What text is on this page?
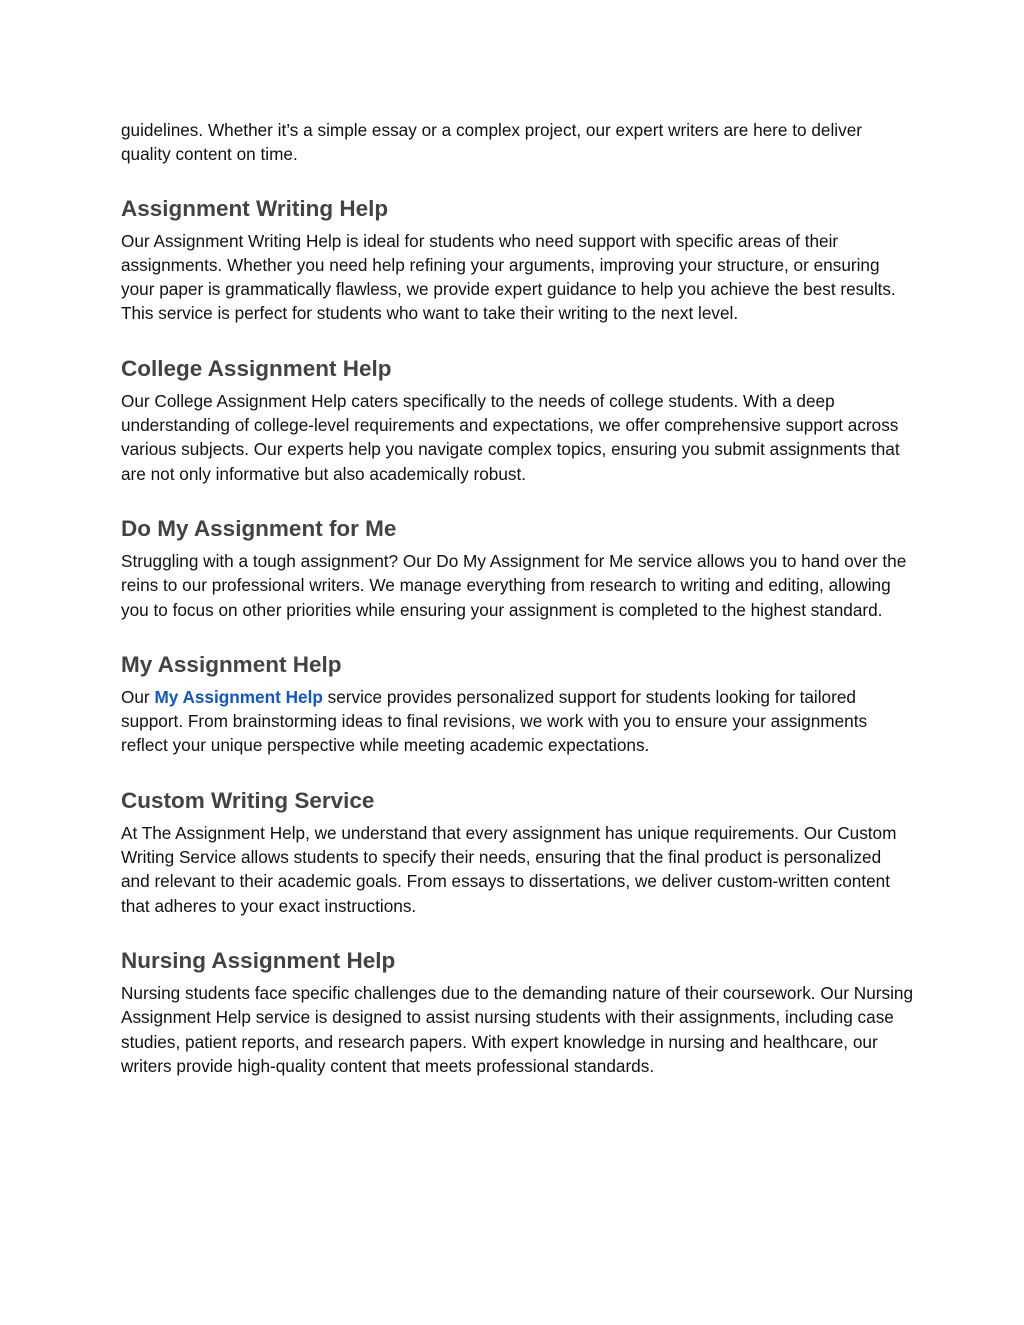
guidelines. Whether it’s a simple essay or a complex project, our expert writers are here to deliver quality content on time.

Assignment Writing Help

Our Assignment Writing Help is ideal for students who need support with specific areas of their assignments. Whether you need help refining your arguments, improving your structure, or ensuring your paper is grammatically flawless, we provide expert guidance to help you achieve the best results. This service is perfect for students who want to take their writing to the next level.

College Assignment Help

Our College Assignment Help caters specifically to the needs of college students. With a deep understanding of college-level requirements and expectations, we offer comprehensive support across various subjects. Our experts help you navigate complex topics, ensuring you submit assignments that are not only informative but also academically robust.

Do My Assignment for Me

Struggling with a tough assignment? Our Do My Assignment for Me service allows you to hand over the reins to our professional writers. We manage everything from research to writing and editing, allowing you to focus on other priorities while ensuring your assignment is completed to the highest standard.

My Assignment Help

Our My Assignment Help service provides personalized support for students looking for tailored support. From brainstorming ideas to final revisions, we work with you to ensure your assignments reflect your unique perspective while meeting academic expectations.

Custom Writing Service

At The Assignment Help, we understand that every assignment has unique requirements. Our Custom Writing Service allows students to specify their needs, ensuring that the final product is personalized and relevant to their academic goals. From essays to dissertations, we deliver custom-written content that adheres to your exact instructions.

Nursing Assignment Help

Nursing students face specific challenges due to the demanding nature of their coursework. Our Nursing Assignment Help service is designed to assist nursing students with their assignments, including case studies, patient reports, and research papers. With expert knowledge in nursing and healthcare, our writers provide high-quality content that meets professional standards.
